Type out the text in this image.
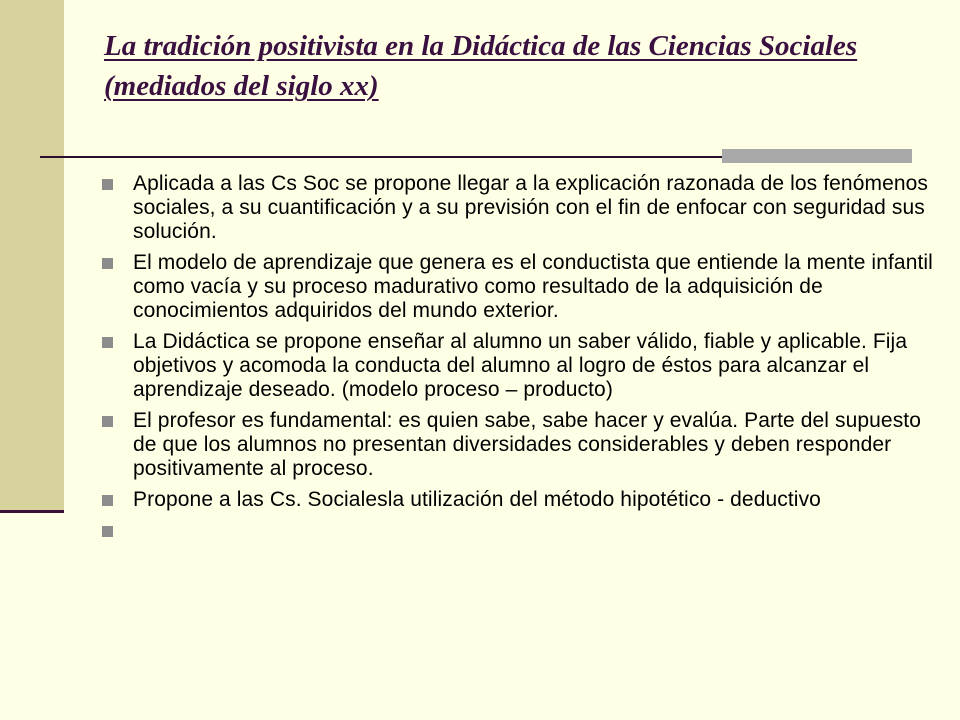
La tradición positivista en la Didáctica de las Ciencias Sociales (mediados del siglo xx)
Aplicada a las Cs Soc se propone llegar a la explicación razonada de los fenómenos sociales, a su cuantificación y a su previsión con el fin de enfocar con seguridad sus solución.
El modelo de aprendizaje que genera es el conductista que entiende la mente infantil como vacía y su proceso madurativo como resultado de la adquisición de conocimientos adquiridos del mundo exterior.
La Didáctica se propone enseñar al alumno un saber válido, fiable y aplicable. Fija objetivos y acomoda la conducta del alumno al logro de éstos para alcanzar el aprendizaje deseado. (modelo proceso – producto)
El profesor es fundamental: es quien sabe, sabe hacer y evalúa. Parte del supuesto de que los alumnos no presentan diversidades considerables y deben responder positivamente al proceso.
Propone a las Cs. Socialesla utilización del método hipotético - deductivo
